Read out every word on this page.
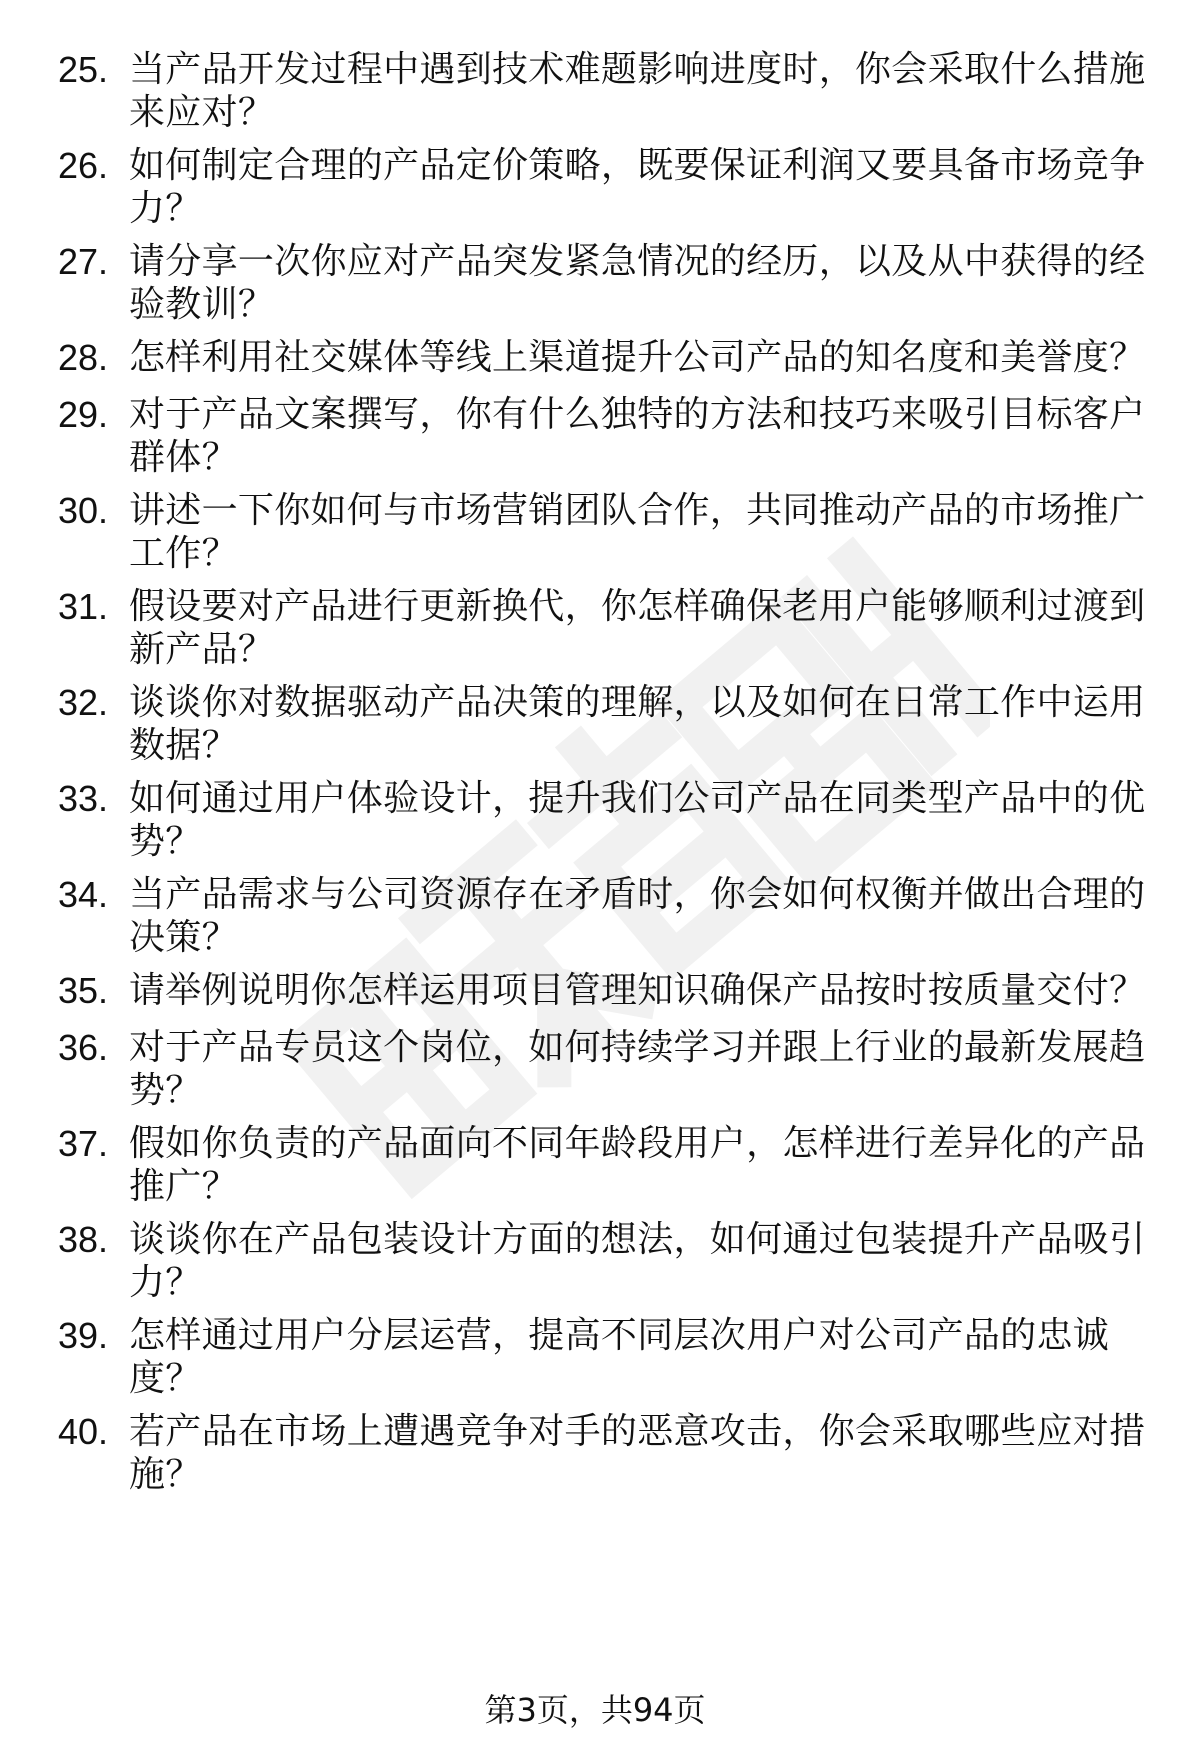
25. 当产品开发过程中遇到技术难题影响进度时，你会采取什么措施来应对？
26. 如何制定合理的产品定价策略，既要保证利润又要具备市场竞争力？
27. 请分享一次你应对产品突发紧急情况的经历，以及从中获得的经验教训？
28. 怎样利用社交媒体等线上渠道提升公司产品的知名度和美誉度？
29. 对于产品文案撰写，你有什么独特的方法和技巧来吸引目标客户群体？
30. 讲述一下你如何与市场营销团队合作，共同推动产品的市场推广工作？
31. 假设要对产品进行更新换代，你怎样确保老用户能够顺利过渡到新产品？
32. 谈谈你对数据驱动产品决策的理解，以及如何在日常工作中运用数据？
33. 如何通过用户体验设计，提升我们公司产品在同类型产品中的优势？
34. 当产品需求与公司资源存在矛盾时，你会如何权衡并做出合理的决策？
35. 请举例说明你怎样运用项目管理知识确保产品按时按质量交付？
36. 对于产品专员这个岗位，如何持续学习并跟上行业的最新发展趋势？
37. 假如你负责的产品面向不同年龄段用户，怎样进行差异化的产品推广？
38. 谈谈你在产品包装设计方面的想法，如何通过包装提升产品吸引力？
39. 怎样通过用户分层运营，提高不同层次用户对公司产品的忠诚度？
40. 若产品在市场上遭遇竞争对手的恶意攻击，你会采取哪些应对措施？
第3页，共94页
